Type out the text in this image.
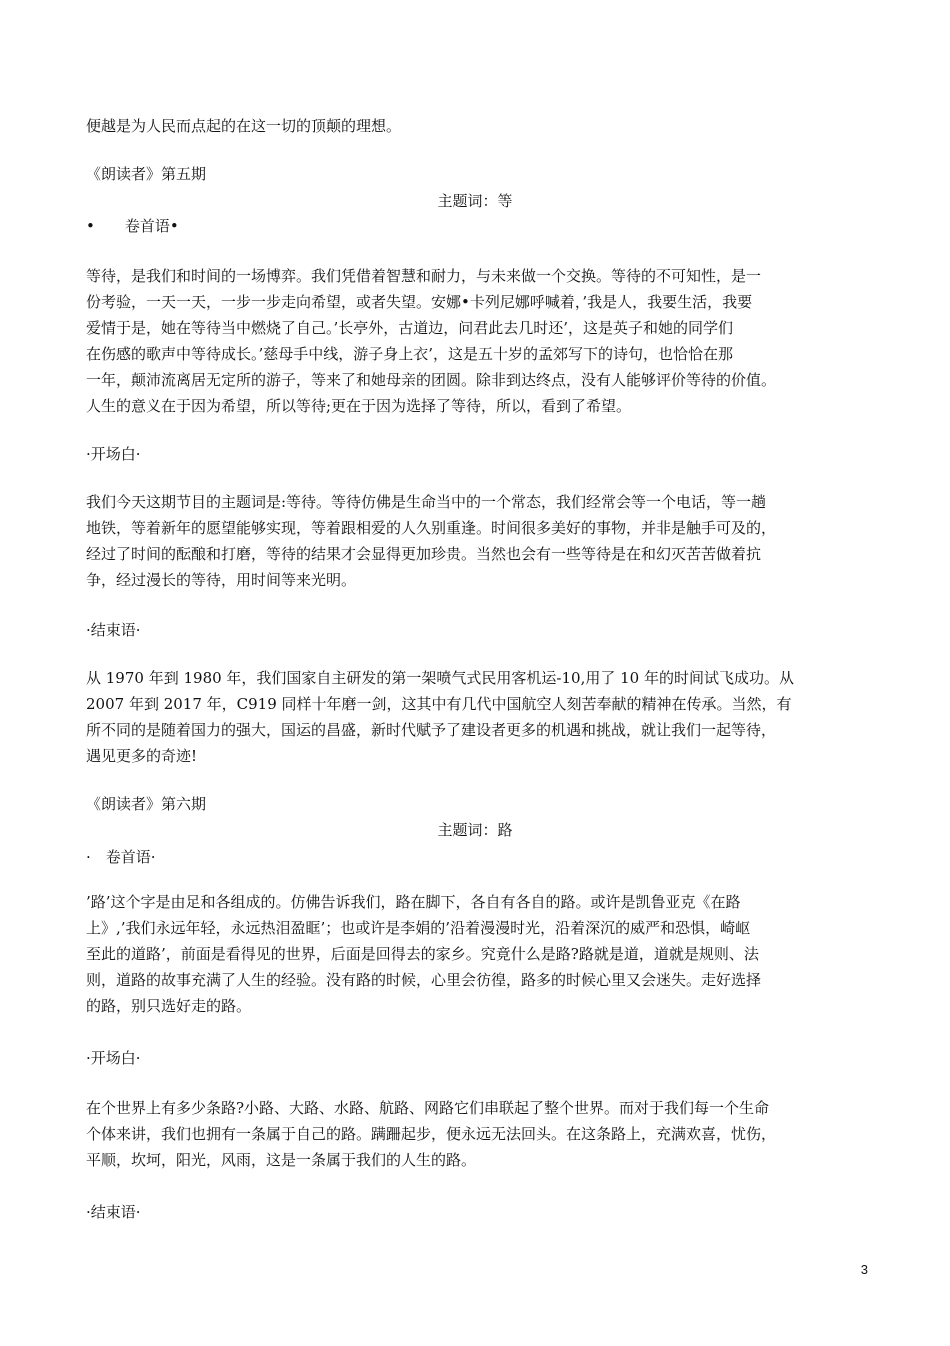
便越是为人民而点起的在这一切的顶颠的理想。
《朗读者》第五期
主题词：等
•　　卷首语•
等待，是我们和时间的一场博弈。我们凭借着智慧和耐力，与未来做一个交换。等待的不可知性，是一
份考验，一天一天，一步一步走向希望，或者失望。安娜•卡列尼娜呼喊着，’我是人，我要生活，我要
爱情于是，她在等待当中燃烧了自己。’长亭外，古道边，问君此去几时还’，这是英子和她的同学们
在伤感的歌声中等待成长。’慈母手中线，游子身上衣’，这是五十岁的孟郊写下的诗句，也恰恰在那
一年，颠沛流离居无定所的游子，等来了和她母亲的团圆。除非到达终点，没有人能够评价等待的价值。
人生的意义在于因为希望，所以等待;更在于因为选择了等待，所以，看到了希望。
·开场白·
我们今天这期节目的主题词是:等待。等待仿佛是生命当中的一个常态，我们经常会等一个电话，等一趟
地铁，等着新年的愿望能够实现，等着跟相爱的人久别重逢。时间很多美好的事物，并非是触手可及的，
经过了时间的酝酿和打磨，等待的结果才会显得更加珍贵。当然也会有一些等待是在和幻灭苦苦做着抗
争，经过漫长的等待，用时间等来光明。
·结束语·
从 1970 年到 1980 年，我们国家自主研发的第一架喷气式民用客机运-10,用了 10 年的时间试飞成功。从
2007 年到 2017 年，C919 同样十年磨一剑，这其中有几代中国航空人刻苦奉献的精神在传承。当然，有
所不同的是随着国力的强大，国运的昌盛，新时代赋予了建设者更多的机遇和挑战，就让我们一起等待，
遇见更多的奇迹!
《朗读者》第六期
主题词：路
·　卷首语·
’路’这个字是由足和各组成的。仿佛告诉我们，路在脚下，各自有各自的路。或许是凯鲁亚克《在路
上》,’我们永远年轻，永远热泪盈眶’；也或许是李娟的’沿着漫漫时光，沿着深沉的威严和恐惧，崎岖
至此的道路’，前面是看得见的世界，后面是回得去的家乡。究竟什么是路?路就是道，道就是规则、法
则，道路的故事充满了人生的经验。没有路的时候，心里会彷徨，路多的时候心里又会迷失。走好选择
的路，别只选好走的路。
·开场白·
在个世界上有多少条路?小路、大路、水路、航路、网路它们串联起了整个世界。而对于我们每一个生命
个体来讲，我们也拥有一条属于自己的路。蹒跚起步，便永远无法回头。在这条路上，充满欢喜，忧伤，
平顺，坎坷，阳光，风雨，这是一条属于我们的人生的路。
·结束语·
3
